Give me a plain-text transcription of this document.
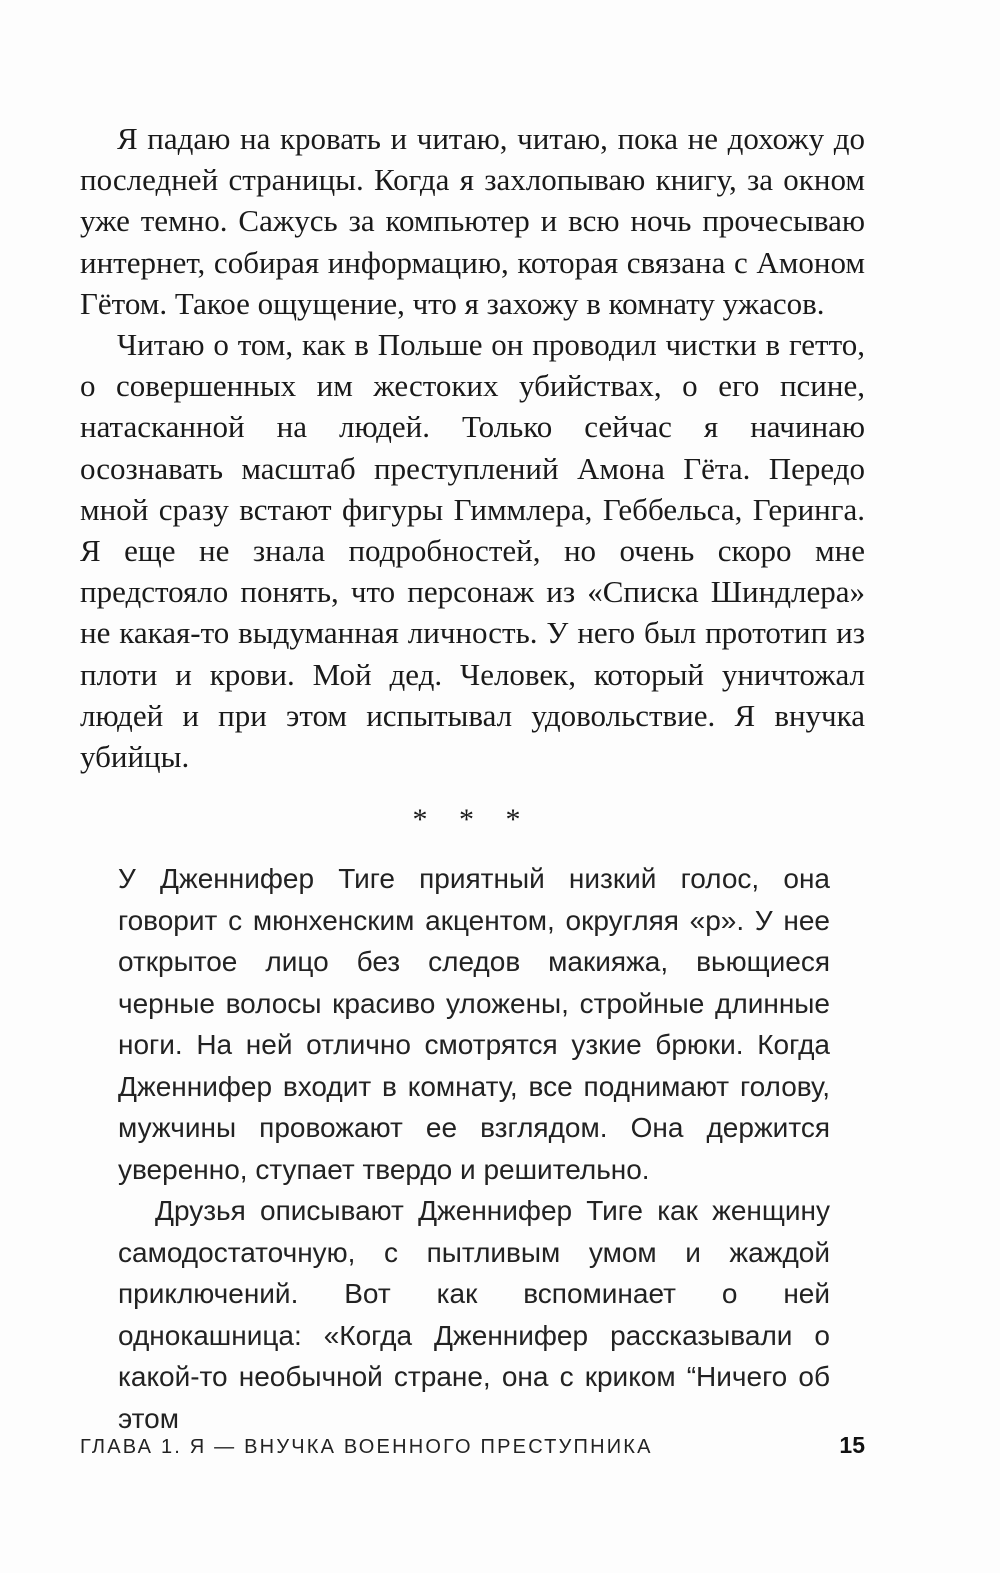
Я падаю на кровать и читаю, читаю, пока не дохожу до последней страницы. Когда я захлопываю книгу, за окном уже темно. Сажусь за компьютер и всю ночь прочесываю интернет, собирая информацию, которая связана с Амоном Гётом. Такое ощущение, что я захожу в комнату ужасов.

Читаю о том, как в Польше он проводил чистки в гетто, о совершенных им жестоких убийствах, о его псине, натасканной на людей. Только сейчас я начинаю осознавать масштаб преступлений Амона Гёта. Передо мной сразу встают фигуры Гиммлера, Геббельса, Геринга. Я еще не знала подробностей, но очень скоро мне предстояло понять, что персонаж из «Списка Шиндлера» не какая-то выдуманная личность. У него был прототип из плоти и крови. Мой дед. Человек, который уничтожал людей и при этом испытывал удовольствие. Я внучка убийцы.

* * *

У Дженнифер Тиге приятный низкий голос, она говорит с мюнхенским акцентом, округляя «р». У нее открытое лицо без следов макияжа, вьющиеся черные волосы красиво уложены, стройные длинные ноги. На ней отлично смотрятся узкие брюки. Когда Дженнифер входит в комнату, все поднимают голову, мужчины провожают ее взглядом. Она держится уверенно, ступает твердо и решительно.

Друзья описывают Дженнифер Тиге как женщину самодостаточную, с пытливым умом и жаждой приключений. Вот как вспоминает о ней однокашница: «Когда Дженнифер рассказывали о какой-то необычной стране, она с криком “Ничего об этом

ГЛАВА 1. Я — ВНУЧКА ВОЕННОГО ПРЕСТУПНИКА	15
